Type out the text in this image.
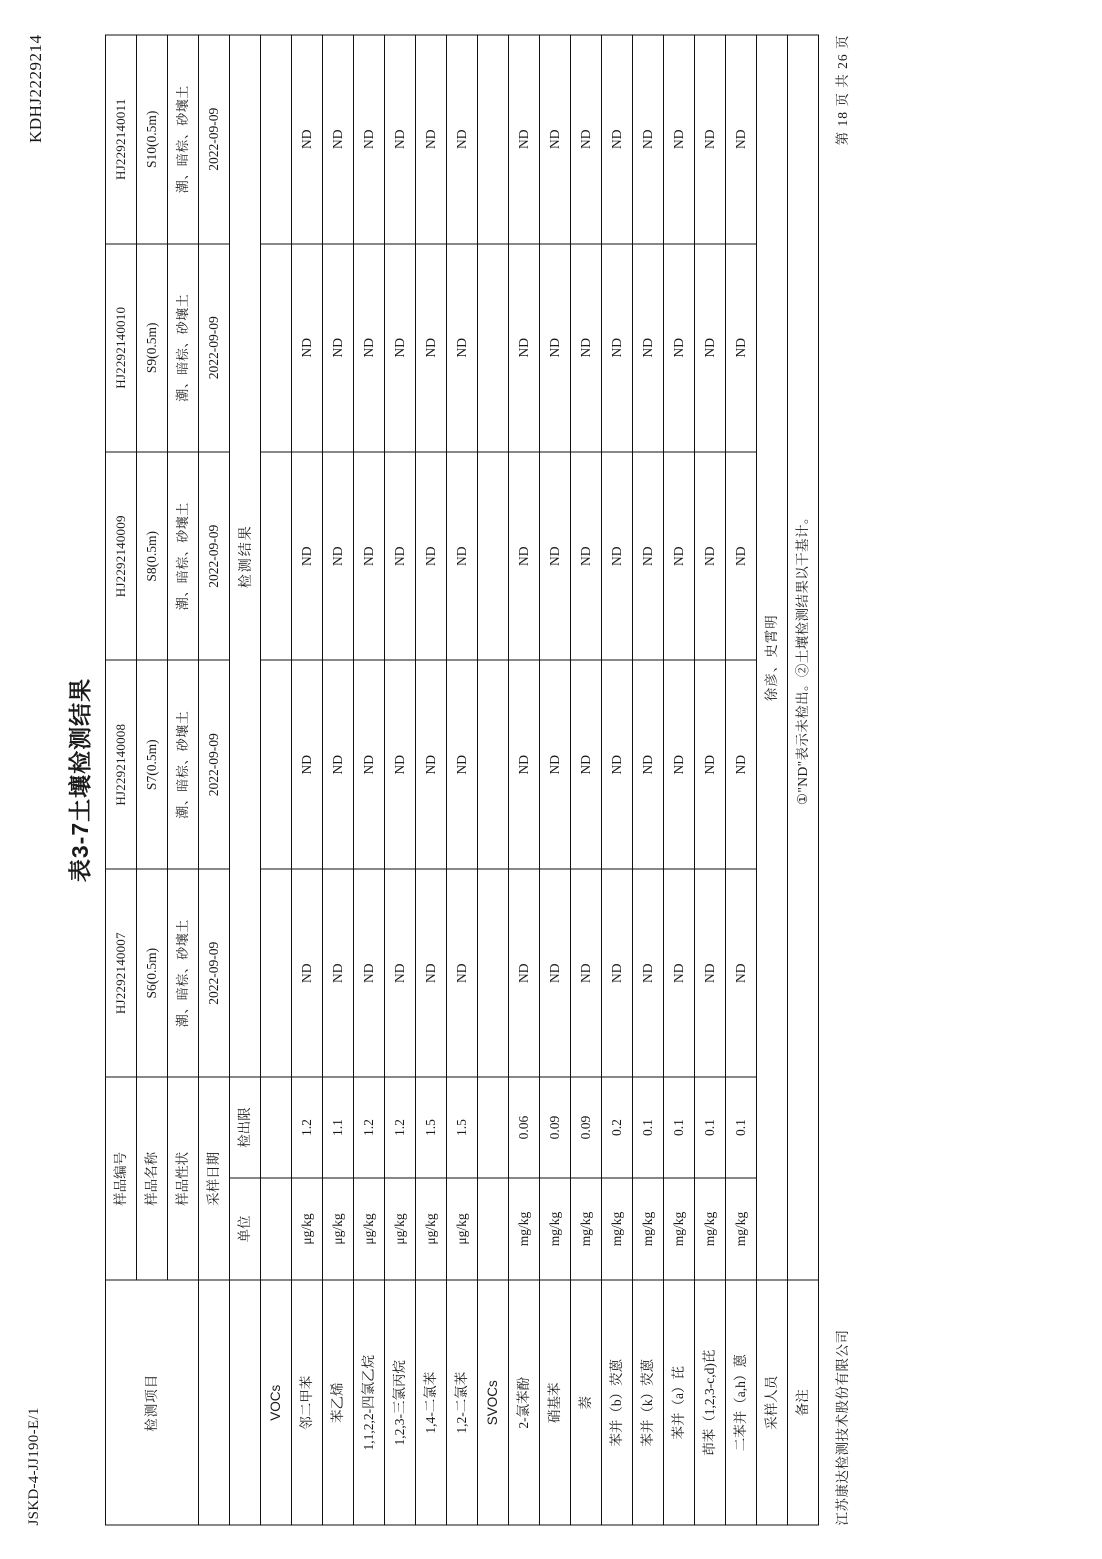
JSKD-4-JJ190-E/1
KDHJ2229214
表3-7土壤检测结果
检测项目	样品编号		HJ2292140007	HJ2292140008	HJ2292140009	HJ2292140010	HJ2292140011
	样品名称		S6(0.5m)	S7(0.5m)	S8(0.5m)	S9(0.5m)	S10(0.5m)
	样品性状		潮、暗棕、砂壤土	潮、暗棕、砂壤土	潮、暗棕、砂壤土	潮、暗棕、砂壤土	潮、暗棕、砂壤土
	采样日期		2022-09-09	2022-09-09	2022-09-09	2022-09-09	2022-09-09
	单位	检出限	检测结果				
VOCs							
邻二甲苯	μg/kg	1.2	ND	ND	ND	ND	ND
苯乙烯	μg/kg	1.1	ND	ND	ND	ND	ND
1,1,2,2-四氯乙烷	μg/kg	1.2	ND	ND	ND	ND	ND
1,2,3-三氯丙烷	μg/kg	1.2	ND	ND	ND	ND	ND
1,4-二氯苯	μg/kg	1.5	ND	ND	ND	ND	ND
1,2-二氯苯	μg/kg	1.5	ND	ND	ND	ND	ND
SVOCs							
2-氯苯酚	mg/kg	0.06	ND	ND	ND	ND	ND
硝基苯	mg/kg	0.09	ND	ND	ND	ND	ND
萘	mg/kg	0.09	ND	ND	ND	ND	ND
苯并（b）荧蒽	mg/kg	0.2	ND	ND	ND	ND	ND
苯并（k）荧蒽	mg/kg	0.1	ND	ND	ND	ND	ND
苯并（a）芘	mg/kg	0.1	ND	ND	ND	ND	ND
茚苯（1,2,3-c,d)芘	mg/kg	0.1	ND	ND	ND	ND	ND
二苯并（a,h）蒽	mg/kg	0.1	ND	ND	ND	ND	ND
采样人员	徐彦、史霄明						
备注	①"ND"表示未检出。②土壤检测结果以干基计。						
江苏康达检测技术股份有限公司
第 18 页 共 26 页
